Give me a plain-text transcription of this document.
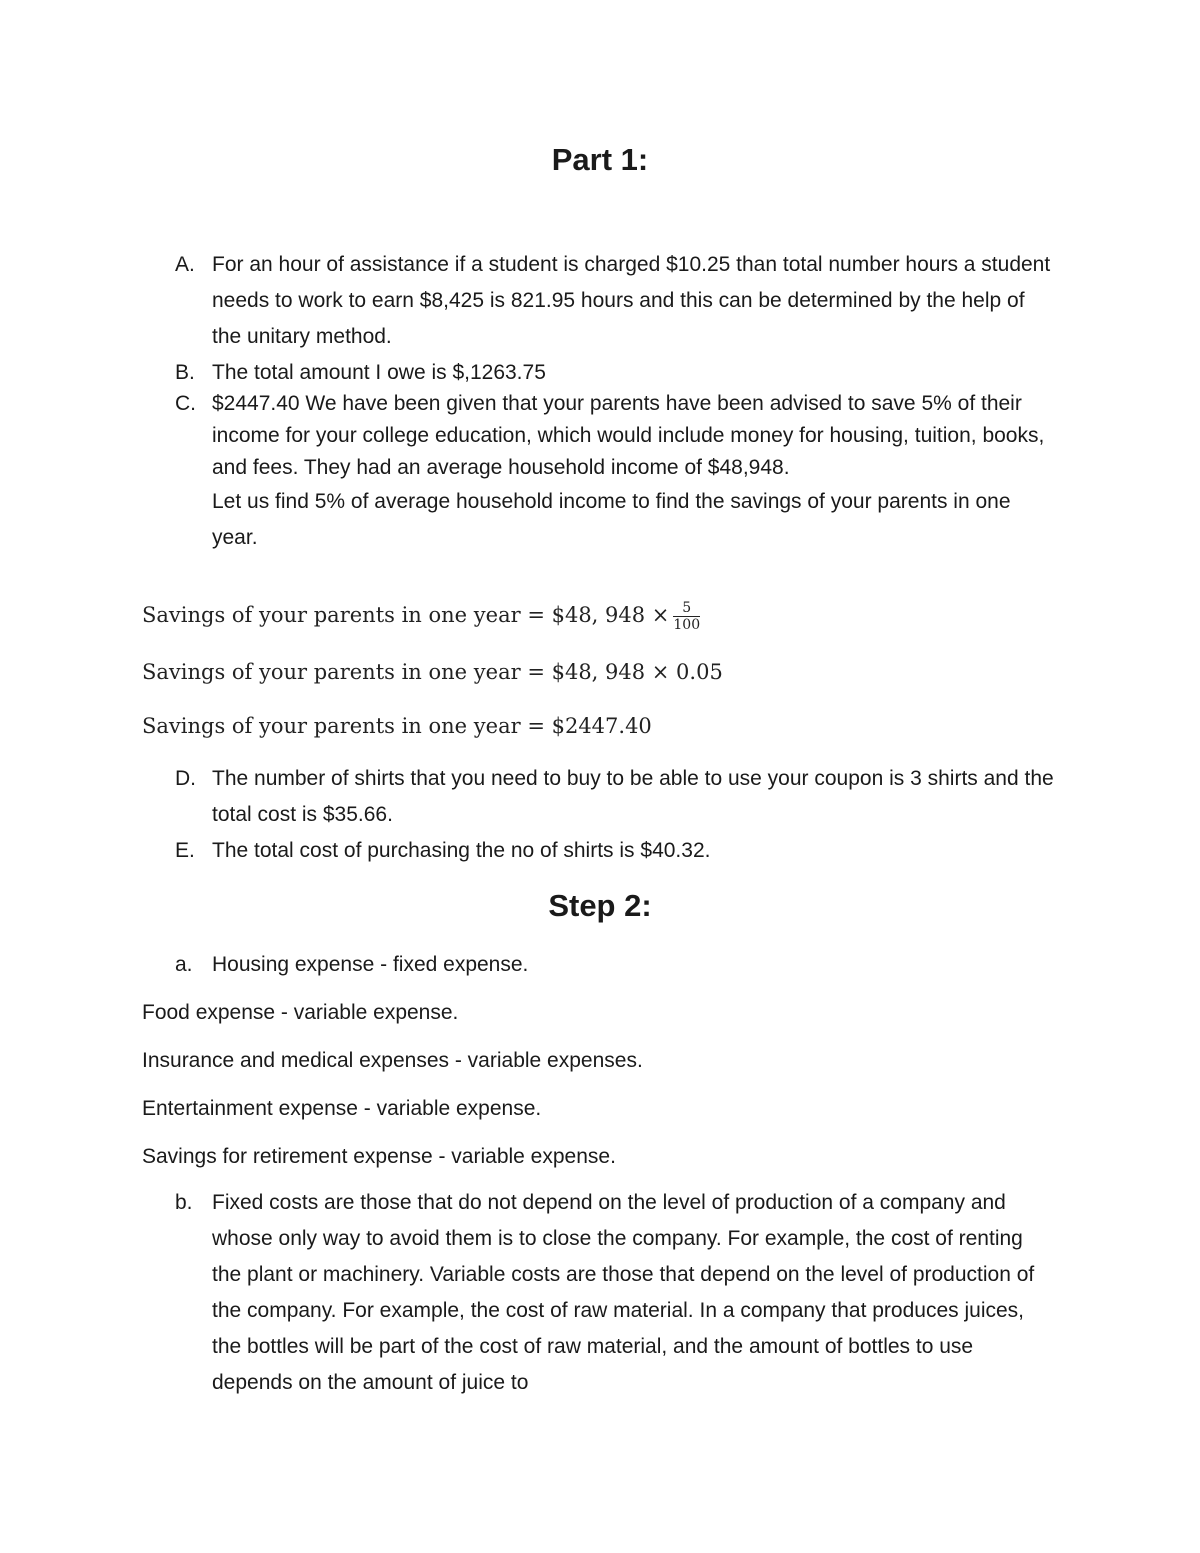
Part 1:
A. For an hour of assistance if a student is charged $10.25 than total number hours a student needs to work to earn $8,425 is 821.95 hours and this can be determined by the help of the unitary method.
B. The total amount I owe is $,1263.75
C. $2447.40 We have been given that your parents have been advised to save 5% of their income for your college education, which would include money for housing, tuition, books, and fees. They had an average household income of $48,948.
Let us find 5% of average household income to find the savings of your parents in one year.
Savings of your parents in one year = $48, $948 \times \frac{5}{100}$
Savings of your parents in one year = $48, 948 × 0.05
Savings of your parents in one year = $2447.40
D. The number of shirts that you need to buy to be able to use your coupon is 3 shirts and the total cost is $35.66.
E. The total cost of purchasing the no of shirts is $40.32.
Step 2:
a. Housing expense - fixed expense.
Food expense - variable expense.
Insurance and medical expenses - variable expenses.
Entertainment expense - variable expense.
Savings for retirement expense - variable expense.
b. Fixed costs are those that do not depend on the level of production of a company and whose only way to avoid them is to close the company. For example, the cost of renting the plant or machinery. Variable costs are those that depend on the level of production of the company. For example, the cost of raw material. In a company that produces juices, the bottles will be part of the cost of raw material, and the amount of bottles to use depends on the amount of juice to
